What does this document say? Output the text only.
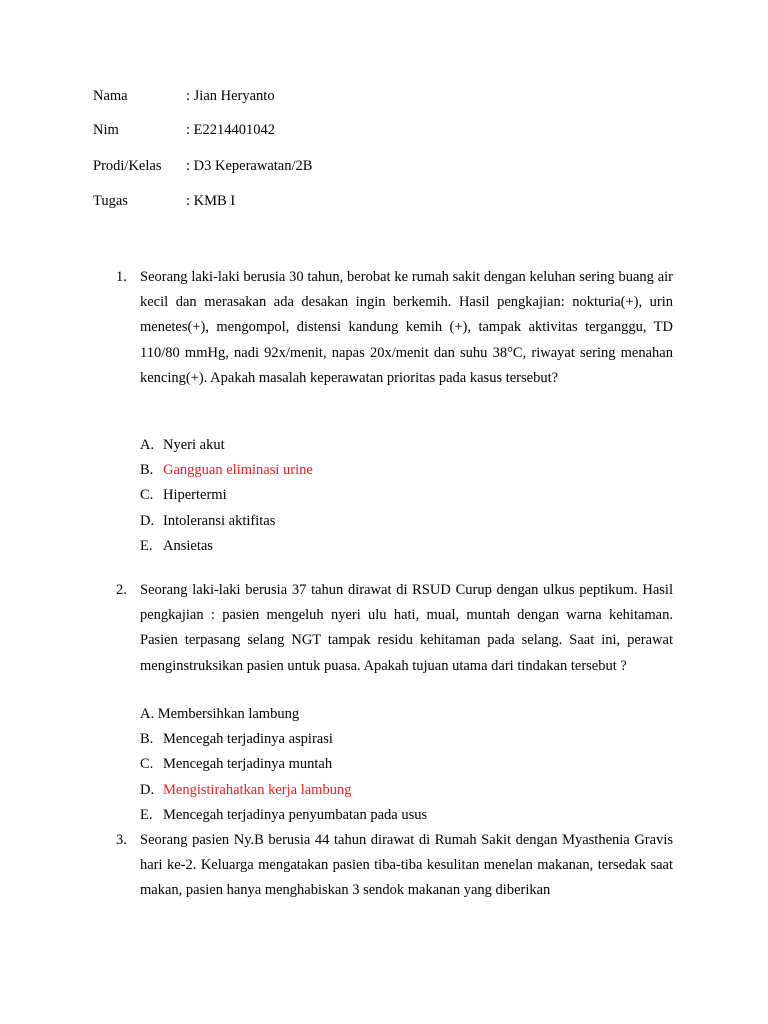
Nama	: Jian Heryanto
Nim	: E2214401042
Prodi/Kelas : D3 Keperawatan/2B
Tugas	: KMB I
1. Seorang laki-laki berusia 30 tahun, berobat ke rumah sakit dengan keluhan sering buang air kecil dan merasakan ada desakan ingin berkemih. Hasil pengkajian: nokturia(+), urin menetes(+), mengompol, distensi kandung kemih (+), tampak aktivitas terganggu, TD 110/80 mmHg, nadi 92x/menit, napas 20x/menit dan suhu 38°C, riwayat sering menahan kencing(+). Apakah masalah keperawatan prioritas pada kasus tersebut?
A. Nyeri akut
B. Gangguan eliminasi urine
C. Hipertermi
D. Intoleransi aktifitas
E. Ansietas
2. Seorang laki-laki berusia 37 tahun dirawat di RSUD Curup dengan ulkus peptikum. Hasil pengkajian : pasien mengeluh nyeri ulu hati, mual, muntah dengan warna kehitaman. Pasien terpasang selang NGT tampak residu kehitaman pada selang. Saat ini, perawat menginstruksikan pasien untuk puasa. Apakah tujuan utama dari tindakan tersebut ?
A. Membersihkan lambung
B. Mencegah terjadinya aspirasi
C. Mencegah terjadinya muntah
D. Mengistirahatkan kerja lambung
E. Mencegah terjadinya penyumbatan pada usus
3. Seorang pasien Ny.B berusia 44 tahun dirawat di Rumah Sakit dengan Myasthenia Gravis hari ke-2. Keluarga mengatakan pasien tiba-tiba kesulitan menelan makanan, tersedak saat makan, pasien hanya menghabiskan 3 sendok makanan yang diberikan
